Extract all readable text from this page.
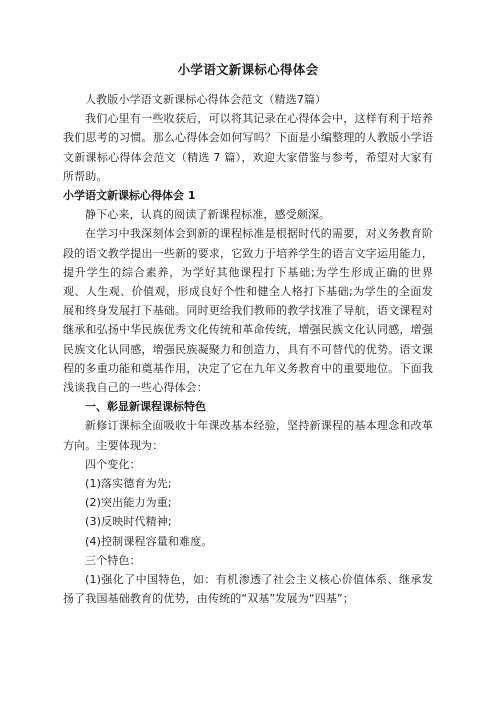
小学语文新课标心得体会

人教版小学语文新课标心得体会范文（精选7篇）

我们心里有一些收获后，可以将其记录在心得体会中，这样有利于培养我们思考的习惯。那么心得体会如何写吗？下面是小编整理的人教版小学语文新课标心得体会范文（精选 7 篇），欢迎大家借鉴与参考，希望对大家有所帮助。

小学语文新课标心得体会 1

静下心来，认真的阅读了新课程标准，感受颇深。

在学习中我深刻体会到新的课程标准是根据时代的需要，对义务教育阶段的语文教学提出一些新的要求，它致力于培养学生的语言文字运用能力，提升学生的综合素养，为学好其他课程打下基础;为学生形成正确的世界观、人生观、价值观，形成良好个性和健全人格打下基础;为学生的全面发展和终身发展打下基础。同时更给我们教师的教学找准了导航，语文课程对继承和弘扬中华民族优秀文化传统和革命传统，增强民族文化认同感，增强民族文化认同感，增强民族凝聚力和创造力，具有不可替代的优势。语文课程的多重功能和奠基作用，决定了它在九年义务教育中的重要地位。下面我浅谈我自己的一些心得体会：

一、彰显新课程课标特色

新修订课标全面吸收十年课改基本经验，坚持新课程的基本理念和改革方向。主要体现为：

四个变化：

(1)落实德育为先;

(2)突出能力为重;

(3)反映时代精神;

(4)控制课程容量和难度。

三个特色：

(1)强化了中国特色，如：有机渗透了社会主义核心价值体系、继承发扬了我国基础教育的优势，由传统的“双基”发展为“四基”；
